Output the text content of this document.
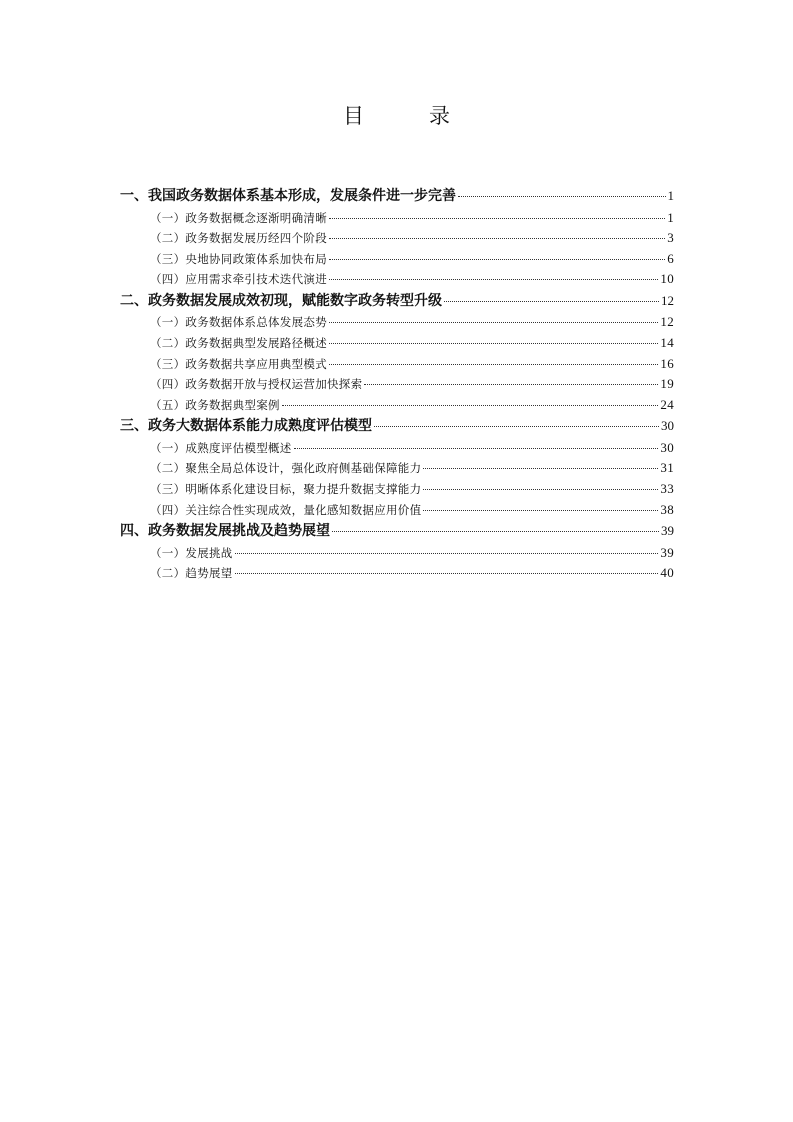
目　录
一、我国政务数据体系基本形成，发展条件进一步完善	1
（一）政务数据概念逐渐明确清晰	1
（二）政务数据发展历经四个阶段	3
（三）央地协同政策体系加快布局	6
（四）应用需求牵引技术迭代演进	10
二、政务数据发展成效初现，赋能数字政务转型升级	12
（一）政务数据体系总体发展态势	12
（二）政务数据典型发展路径概述	14
（三）政务数据共享应用典型模式	16
（四）政务数据开放与授权运营加快探索	19
（五）政务数据典型案例	24
三、政务大数据体系能力成熟度评估模型	30
（一）成熟度评估模型概述	30
（二）聚焦全局总体设计，强化政府侧基础保障能力	31
（三）明晰体系化建设目标，聚力提升数据支撑能力	33
（四）关注综合性实现成效，量化感知数据应用价值	38
四、政务数据发展挑战及趋势展望	39
（一）发展挑战	39
（二）趋势展望	40
